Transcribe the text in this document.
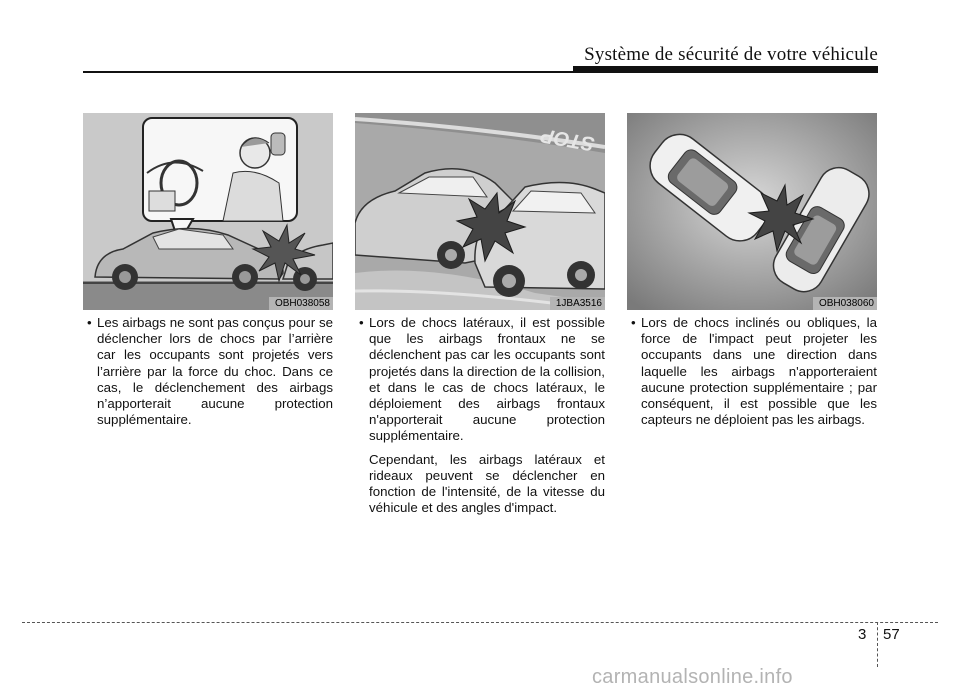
Système de sécurité de votre véhicule
OBH038058
STOP
1JBA3516	OBH038060
• Les airbags ne sont pas conçus pour se déclencher lors de chocs par l’arrière car les occupants sont projetés vers l’arrière par la force du choc. Dans ce cas, le déclenchement des airbags n’apporterait aucune protection supplémentaire.
• Lors de chocs latéraux, il est possible que les airbags frontaux ne se déclenchent pas car les occupants sont projetés dans la direction de la collision, et dans le cas de chocs latéraux, le déploiement des airbags frontaux n'apporterait aucune protection supplémentaire.
Cependant, les airbags latéraux et rideaux peuvent se déclencher en fonction de l'intensité, de la vitesse du véhicule et des angles d'impact.
• Lors de chocs inclinés ou obliques, la force de l'impact peut projeter les occupants dans une direction dans laquelle les airbags n'apporteraient aucune protection supplémentaire ; par conséquent, il est possible que les capteurs ne déploient pas les airbags.
3 57
carmanualsonline.info
